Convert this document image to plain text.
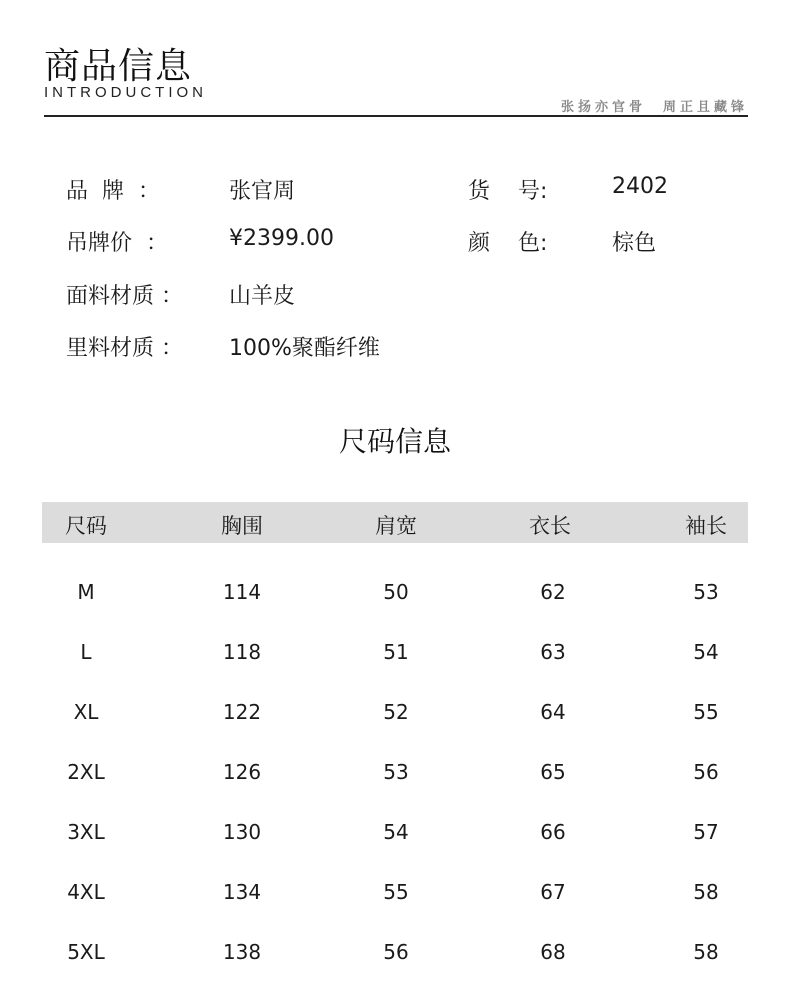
商品信息
INTRODUCTION
张扬亦官骨  周正且藏锋
品  牌  ：	张官周	货    号:	2402
吊牌价  ：	¥2399.00	颜    色:	棕色
面料材质 ： 山羊皮
里料材质 ： 100%聚酯纤维
尺码信息
尺码	胸围	肩宽	衣长	袖长
M	114	50	62	53
L	118	51	63	54
XL	122	52	64	55
2XL	126	53	65	56
3XL	130	54	66	57
4XL	134	55	67	58
5XL	138	56	68	58
